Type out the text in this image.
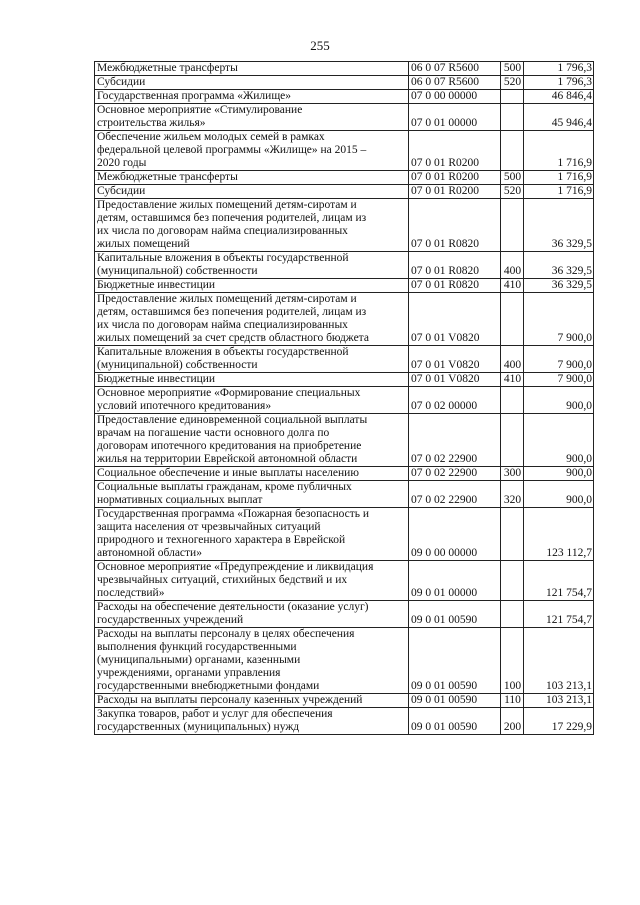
255
Межбюджетные трансферты	06 0 07 R5600	500	1 796,3
Субсидии	06 0 07 R5600	520	1 796,3
Государственная программа «Жилище»	07 0 00 00000		46 846,4
Основное мероприятие «Стимулирование
строительства жилья»	07 0 01 00000		45 946,4
Обеспечение жильем молодых семей в рамках
федеральной целевой программы «Жилище» на 2015 –
2020 годы	07 0 01 R0200		1 716,9
Межбюджетные трансферты	07 0 01 R0200	500	1 716,9
Субсидии	07 0 01 R0200	520	1 716,9
Предоставление жилых помещений детям-сиротам и
детям, оставшимся без попечения родителей, лицам из
их числа по договорам найма специализированных
жилых помещений	07 0 01 R0820		36 329,5
Капитальные вложения в объекты государственной
(муниципальной) собственности	07 0 01 R0820	400	36 329,5
Бюджетные инвестиции	07 0 01 R0820	410	36 329,5
Предоставление жилых помещений детям-сиротам и
детям, оставшимся без попечения родителей, лицам из
их числа по договорам найма специализированных
жилых помещений за счет средств областного бюджета	07 0 01 V0820		7 900,0
Капитальные вложения в объекты государственной
(муниципальной) собственности	07 0 01 V0820	400	7 900,0
Бюджетные инвестиции	07 0 01 V0820	410	7 900,0
Основное мероприятие «Формирование специальных
условий ипотечного кредитования»	07 0 02 00000		900,0
Предоставление единовременной социальной выплаты
врачам на погашение части основного долга по
договорам ипотечного кредитования на приобретение
жилья на территории Еврейской автономной области	07 0 02 22900		900,0
Социальное обеспечение и иные выплаты населению	07 0 02 22900	300	900,0
Социальные выплаты гражданам, кроме публичных
нормативных социальных выплат	07 0 02 22900	320	900,0
Государственная программа «Пожарная безопасность и
защита населения от чрезвычайных ситуаций
природного и техногенного характера в Еврейской
автономной области»	09 0 00 00000		123 112,7
Основное мероприятие «Предупреждение и ликвидация
чрезвычайных ситуаций, стихийных бедствий и их
последствий»	09 0 01 00000		121 754,7
Расходы на обеспечение деятельности (оказание услуг)
государственных учреждений	09 0 01 00590		121 754,7
Расходы на выплаты персоналу в целях обеспечения
выполнения функций государственными
(муниципальными) органами, казенными
учреждениями, органами управления
государственными внебюджетными фондами	09 0 01 00590	100	103 213,1
Расходы на выплаты персоналу казенных учреждений	09 0 01 00590	110	103 213,1
Закупка товаров, работ и услуг для обеспечения
государственных (муниципальных) нужд	09 0 01 00590	200	17 229,9
